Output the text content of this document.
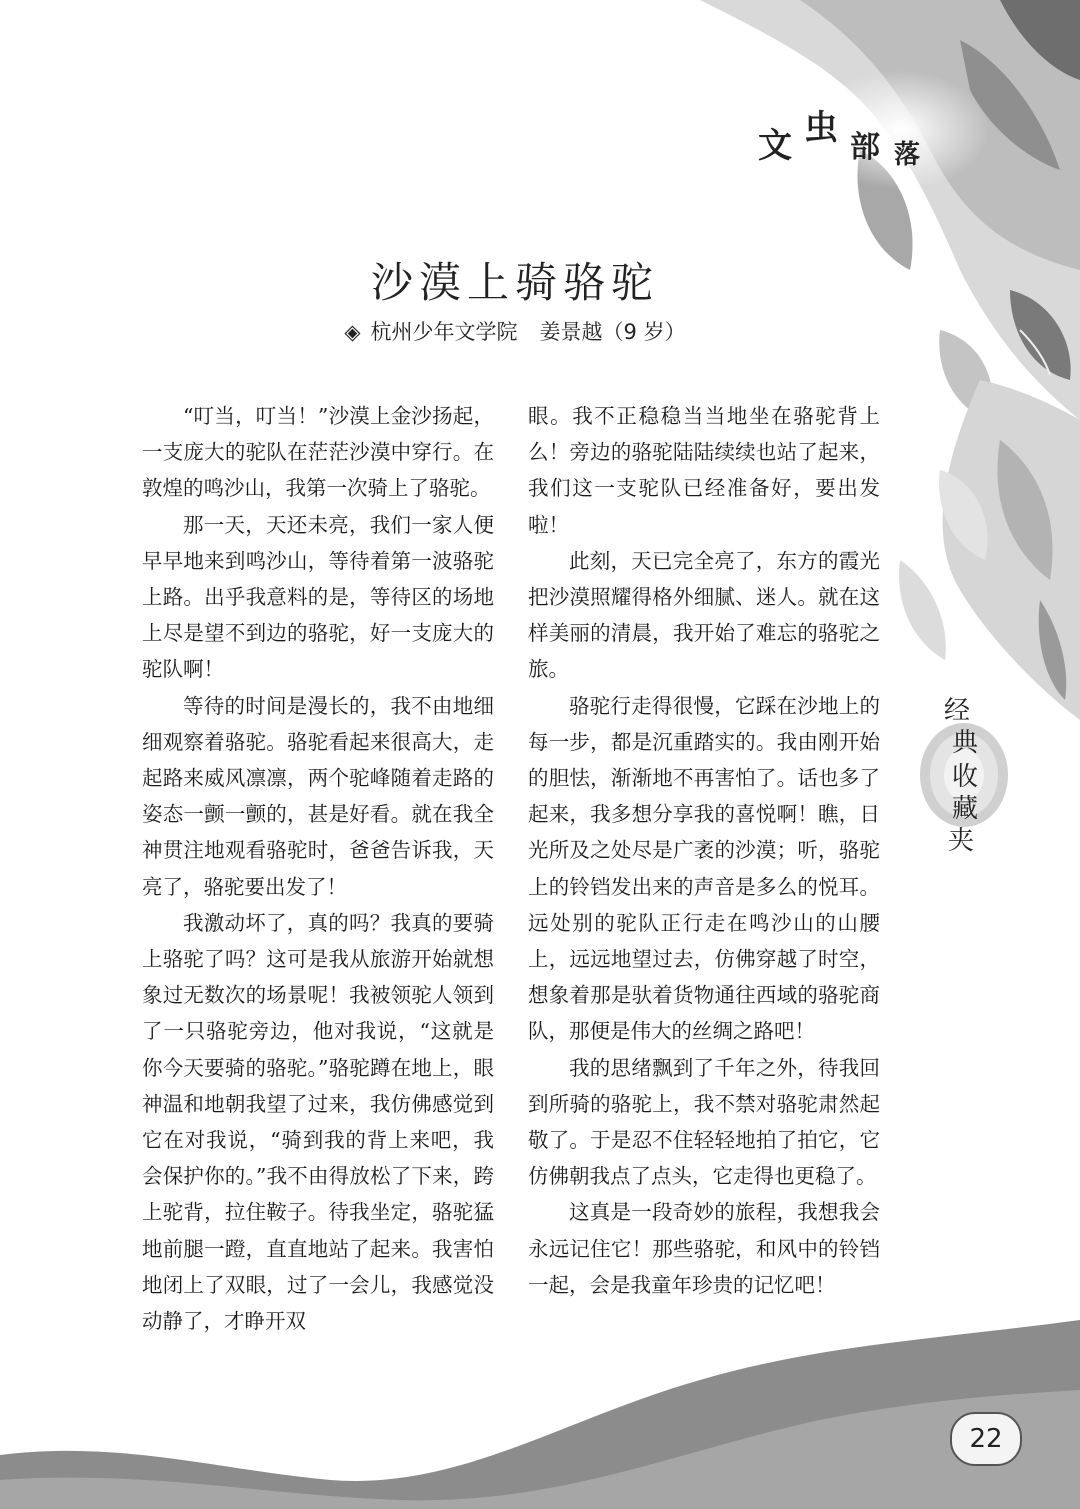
文 虫 部 落
沙漠上骑骆驼
◈ 杭州少年文学院 姜景越（9 岁）

“叮当，叮当！”沙漠上金沙扬起，一支庞大的驼队在茫茫沙漠中穿行。在敦煌的鸣沙山，我第一次骑上了骆驼。

那一天，天还未亮，我们一家人便早早地来到鸣沙山，等待着第一波骆驼上路。出乎我意料的是，等待区的场地上尽是望不到边的骆驼，好一支庞大的驼队啊！

等待的时间是漫长的，我不由地细细观察着骆驼。骆驼看起来很高大，走起路来威风凛凛，两个驼峰随着走路的姿态一颤一颤的，甚是好看。就在我全神贯注地观看骆驼时，爸爸告诉我，天亮了，骆驼要出发了！

我激动坏了，真的吗？我真的要骑上骆驼了吗？这可是我从旅游开始就想象过无数次的场景呢！我被领驼人领到了一只骆驼旁边，他对我说，“这就是你今天要骑的骆驼。”骆驼蹲在地上，眼神温和地朝我望了过来，我仿佛感觉到它在对我说，“骑到我的背上来吧，我会保护你的。”我不由得放松了下来，跨上驼背，拉住鞍子。待我坐定，骆驼猛地前腿一蹬，直直地站了起来。我害怕地闭上了双眼，过了一会儿，我感觉没动静了，才睁开双

眼。我不正稳稳当当地坐在骆驼背上么！旁边的骆驼陆陆续续也站了起来，我们这一支驼队已经准备好，要出发啦！

此刻，天已完全亮了，东方的霞光把沙漠照耀得格外细腻、迷人。就在这样美丽的清晨，我开始了难忘的骆驼之旅。

骆驼行走得很慢，它踩在沙地上的每一步，都是沉重踏实的。我由刚开始的胆怯，渐渐地不再害怕了。话也多了起来，我多想分享我的喜悦啊！瞧，日光所及之处尽是广袤的沙漠；听，骆驼上的铃铛发出来的声音是多么的悦耳。远处别的驼队正行走在鸣沙山的山腰上，远远地望过去，仿佛穿越了时空，想象着那是驮着货物通往西域的骆驼商队，那便是伟大的丝绸之路吧！

我的思绪飘到了千年之外，待我回到所骑的骆驼上，我不禁对骆驼肃然起敬了。于是忍不住轻轻地拍了拍它，它仿佛朝我点了点头，它走得也更稳了。

这真是一段奇妙的旅程，我想我会永远记住它！那些骆驼，和风中的铃铛一起，会是我童年珍贵的记忆吧！

经
典
收
藏
夹
22
